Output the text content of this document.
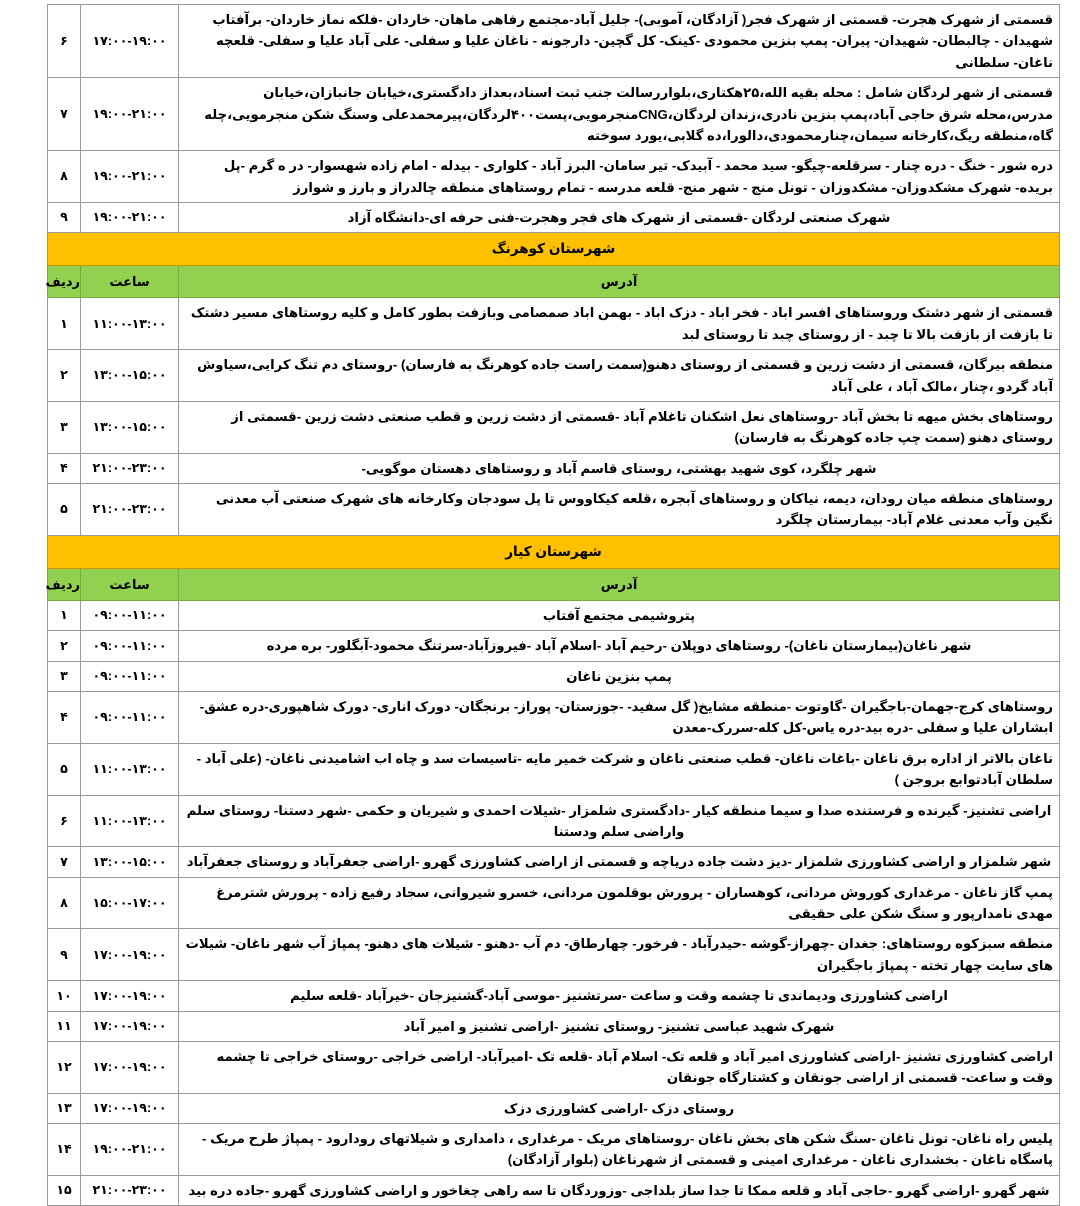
قسمتی از شهرک هجرت- قسمتی از شهرک فجر( آزادگان، آموبی)- جلیل آباد-مجتمع رفاهی ماهان- خاردان -فلکه نماز خاردان- برآفتاب شهیدان - چالبطان- شهیدان- پیران- پمپ بنزین محمودی -کینک- کل گچین- دارجونه - ناغان علیا و سفلی- علی آباد علیا و سفلی- قلعچه ناغان- سلطانی	۱۷:۰۰-۱۹:۰۰	۶
قسمتی از شهر لردگان شامل : محله بقیه الله،۲۵هکتاری،بلواررسالت جنب ثبت اسناد،بعداز دادگستری،خیابان جانبازان،خیابان مدرس،محله شرق حاجی آباد،پمپ بنزین نادری،زندان لردگان،CNGمنجرمویی،پست۴۰۰لردگان،پیرمحمدعلی وسنگ شکن منجرمویی،چله گاه،منطقه ریگ،کارخانه سیمان،چنارمحمودی،دالورا،ده گلابی،یورد سوخته	۱۹:۰۰-۲۱:۰۰	۷
دره شور - خنگ - دره چنار - سرقلعه-چیگو- سید محمد - آبیدک- تیر سامان- البرز آباد - کلواری - بیدله - امام زاده شهسوار- در ه گرم -پل بریده- شهرک مشکدوزان- مشکدوزان - تونل منج - شهر منج- قلعه مدرسه - تمام روستاهای منطقه چالدراز و بارز و شوارز	۱۹:۰۰-۲۱:۰۰	۸
شهرک صنعتی لردگان -قسمتی از شهرک های فجر وهجرت-فنی حرفه ای-دانشگاه آزاد	۱۹:۰۰-۲۱:۰۰	۹
شهرستان کوهرنگ		
آدرس	ساعت	ردیف
قسمتی از شهر دشتک وروستاهای افسر اباد - فخر اباد - دزک اباد - بهمن اباد صمصامی وبازفت بطور کامل و کلیه روستاهای مسیر دشتک تا بازفت از بازفت بالا تا چبد - از روستای چبد تا روستای لبد	۱۱:۰۰-۱۳:۰۰	۱
منطقه بیرگان، قسمتی از دشت زرین و قسمتی از روستای دهنو(سمت راست جاده کوهرنگ به فارسان) -روستای دم تنگ کرایی،سیاوش آباد گردو ،چنار ،مالک آباد ، علی آباد	۱۳:۰۰-۱۵:۰۰	۲
روستاهای بخش میهه تا بخش آباد -روستاهای نعل اشکنان تاغلام آباد -قسمتی از دشت زرین و قطب صنعتی دشت زرین -قسمتی از روستای دهنو (سمت چپ جاده کوهرنگ به فارسان)	۱۳:۰۰-۱۵:۰۰	۳
شهر چلگرد، کوی شهید بهشتی، روستای قاسم آباد و روستاهای دهستان موگویی-	۲۱:۰۰-۲۳:۰۰	۴
روستاهای منطقه میان رودان، دیمه، نیاکان و روستاهای آبجره ،قلعه کیکاووس تا پل سودجان وکارخانه های شهرک صنعتی آب معدنی نگین وآب معدنی غلام آباد- بیمارستان چلگرد	۲۱:۰۰-۲۳:۰۰	۵
شهرستان کیار		
آدرس	ساعت	ردیف
پتروشیمی مجتمع آفتاب	۰۹:۰۰-۱۱:۰۰	۱
شهر ناغان(بیمارستان ناغان)- روستاهای دوپلان -رحیم آباد -اسلام آباد -فیروزآباد-سرتنگ محمود-آبگلور- بره مرده	۰۹:۰۰-۱۱:۰۰	۲
پمپ بنزین ناغان	۰۹:۰۰-۱۱:۰۰	۳
روستاهای کرج-جهمان-باجگیران -گاوتوت -منطقه مشایخ( گل سفید- -جوزستان- پوراز- برنجگان- دورک اناری- دورک شاهپوری-دره عشق- ابشاران علیا و سفلی -دره بید-دره یاس-کل کله-سررک-معدن	۰۹:۰۰-۱۱:۰۰	۴
ناغان بالاتر از اداره برق ناغان -باغات ناغان- قطب صنعتی ناغان و شرکت خمیر مایه -تاسیسات سد و چاه اب اشامیدنی ناغان- (علی آباد - سلطان آبادتوابع بروجن )	۱۱:۰۰-۱۳:۰۰	۵
اراضی تشنیز- گیرنده و فرستنده صدا و سیما منطقه کیار -دادگستری شلمزار -شیلات احمدی و شیریان و حکمی -شهر دستنا- روستای سلم واراضی سلم ودستنا	۱۱:۰۰-۱۳:۰۰	۶
شهر شلمزار و اراضی کشاورزی شلمزار -دیز دشت جاده دریاچه و قسمتی از اراضی کشاورزی گهرو -اراضی جعفرآباد و روستای جعفرآباد	۱۳:۰۰-۱۵:۰۰	۷
پمپ گاز ناغان - مرغداری کوروش مردانی، کوهساران - پرورش بوقلمون مردانی، خسرو شیروانی، سجاد رفیع زاده - پرورش شترمرغ مهدی نامدارپور و سنگ شکن علی حقیقی	۱۵:۰۰-۱۷:۰۰	۸
منطقه سبزکوه روستاهای: جغدان -چهراز-گوشه -حیدرآباد - فرخور- چهارطاق- دم آب -دهنو - شیلات های دهنو- پمپاژ آب شهر ناغان- شیلات های سایت چهار تخته - پمپاژ باجگیران	۱۷:۰۰-۱۹:۰۰	۹
اراضی کشاورزی ودیماندی تا چشمه وقت و ساعت -سرتشنیز -موسی آباد-گشنیزجان -خیرآباد -قلعه سلیم	۱۷:۰۰-۱۹:۰۰	۱۰
شهرک شهید عباسی تشنیز- روستای تشنیز -اراضی تشنیز و امیر آباد	۱۷:۰۰-۱۹:۰۰	۱۱
اراضی کشاورزی تشنیز -اراضی کشاورزی امیر آباد و قلعه تک- اسلام آباد -قلعه تک -امیرآباد- اراضی خراجی -روستای خراجی تا چشمه وقت و ساعت- قسمتی از اراضی جونقان و کشتارگاه جونقان	۱۷:۰۰-۱۹:۰۰	۱۲
روستای دزک -اراضی کشاورزی دزک	۱۷:۰۰-۱۹:۰۰	۱۳
پلیس راه ناغان- تونل ناغان -سنگ شکن های بخش ناغان -روستاهای مریک - مرغداری ، دامداری و شیلاتهای رودارود - پمپاژ طرح مریک - پاسگاه ناغان - بخشداری ناغان - مرغداری امینی و قسمتی از شهرناغان (بلوار آزادگان)	۱۹:۰۰-۲۱:۰۰	۱۴
شهر گهرو -اراضی گهرو -حاجی آباد و قلعه ممکا تا جدا ساز بلداجی -وزوردگان تا سه راهی چغاخور و اراضی کشاورزی گهرو -جاده دره بید	۲۱:۰۰-۲۳:۰۰	۱۵
